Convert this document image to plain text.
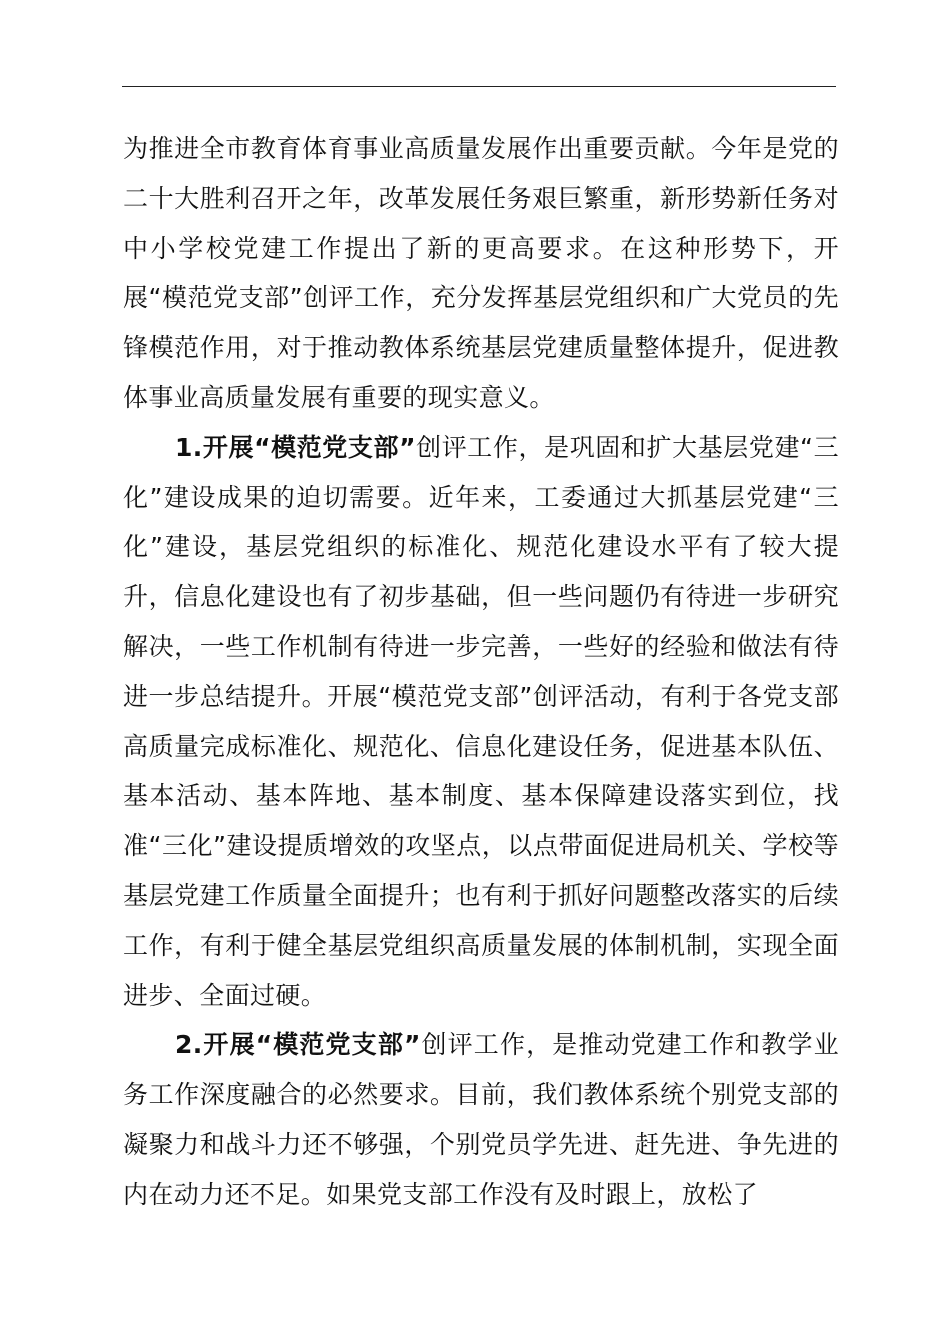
为推进全市教育体育事业高质量发展作出重要贡献。今年是党的二十大胜利召开之年，改革发展任务艰巨繁重，新形势新任务对中小学校党建工作提出了新的更高要求。在这种形势下，开展“模范党支部”创评工作，充分发挥基层党组织和广大党员的先锋模范作用，对于推动教体系统基层党建质量整体提升，促进教体事业高质量发展有重要的现实意义。

1.开展“模范党支部”创评工作，是巩固和扩大基层党建“三化”建设成果的迫切需要。近年来，工委通过大抓基层党建“三化”建设，基层党组织的标准化、规范化建设水平有了较大提升，信息化建设也有了初步基础，但一些问题仍有待进一步研究解决，一些工作机制有待进一步完善，一些好的经验和做法有待进一步总结提升。开展“模范党支部”创评活动，有利于各党支部高质量完成标准化、规范化、信息化建设任务，促进基本队伍、基本活动、基本阵地、基本制度、基本保障建设落实到位，找准“三化”建设提质增效的攻坚点，以点带面促进局机关、学校等基层党建工作质量全面提升；也有利于抓好问题整改落实的后续工作，有利于健全基层党组织高质量发展的体制机制，实现全面进步、全面过硬。

2.开展“模范党支部”创评工作，是推动党建工作和教学业务工作深度融合的必然要求。目前，我们教体系统个别党支部的凝聚力和战斗力还不够强，个别党员学先进、赶先进、争先进的内在动力还不足。如果党支部工作没有及时跟上，放松了
